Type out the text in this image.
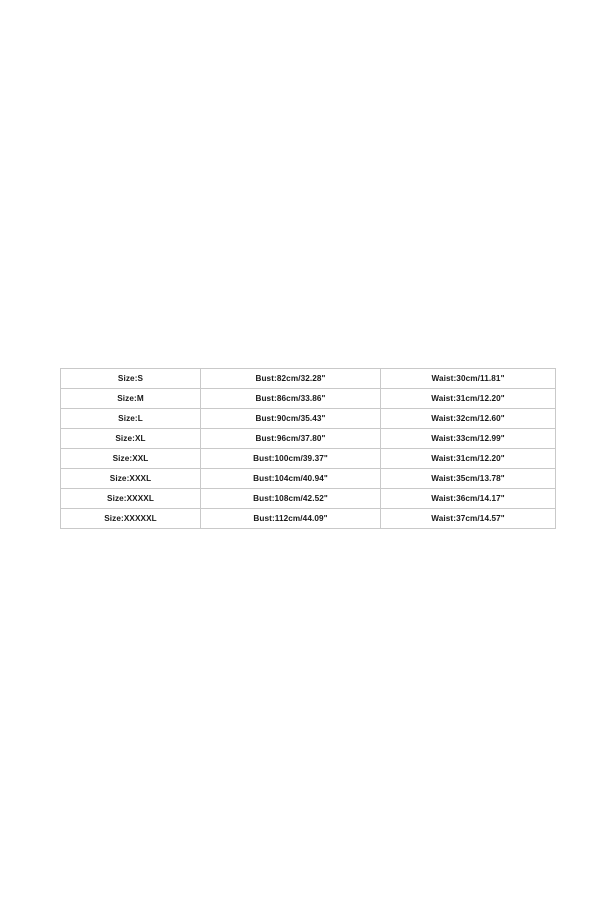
Size:S	Bust:82cm/32.28"	Waist:30cm/11.81"
Size:M	Bust:86cm/33.86"	Waist:31cm/12.20"
Size:L	Bust:90cm/35.43"	Waist:32cm/12.60"
Size:XL	Bust:96cm/37.80"	Waist:33cm/12.99"
Size:XXL	Bust:100cm/39.37"	Waist:31cm/12.20"
Size:XXXL	Bust:104cm/40.94"	Waist:35cm/13.78"
Size:XXXXL	Bust:108cm/42.52"	Waist:36cm/14.17"
Size:XXXXXL	Bust:112cm/44.09"	Waist:37cm/14.57"
